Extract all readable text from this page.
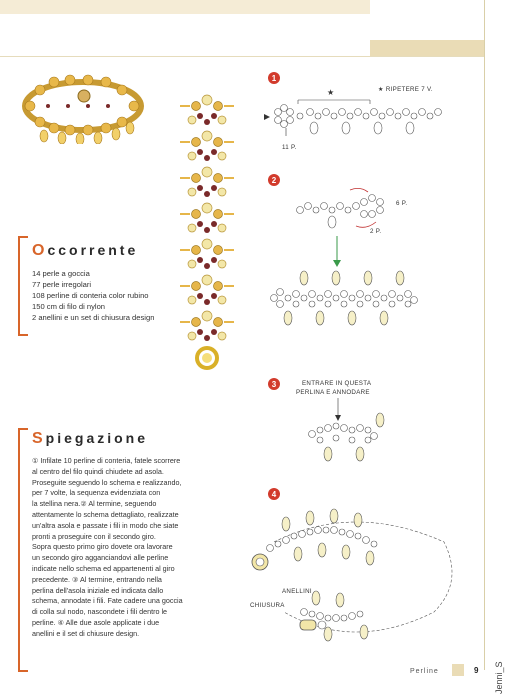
Occorrente
14 perle a goccia
77 perle irregolari
108 perline di conteria color rubino
150 cm di filo di nylon
2 anellini e un set di chiusura design
Spiegazione
① Infilate 10 perline di conteria, fatele scorrere
al centro del filo quindi chiudete ad asola.
Proseguite seguendo lo schema e realizzando,
per 7 volte, la sequenza evidenziata con
la stellina nera.② Al termine, seguendo
attentamente lo schema dettagliato, realizzate
un'altra asola e passate i fili in modo che siate
pronti a proseguire con il secondo giro.
Sopra questo primo giro dovete ora lavorare
un secondo giro agganciandovi alle perline
indicate nello schema ed appartenenti al giro
precedente. ③ Al termine, entrando nella
perlina dell'asola iniziale ed indicata dallo
schema, annodate i fili. Fate cadere una goccia
di colla sul nodo, nascondete i fili dentro le
perline. ④ Alle due asole applicate i due
anellini e il set di chiusure design.
1
★ RIPETERE 7 V.
★
11 P.
2
6 P.
2 P.
3	ENTRARE IN QUESTA
PERLINA E ANNODARE
4
ANELLINI
CHIUSURA
Perline	9 Jenni_S
